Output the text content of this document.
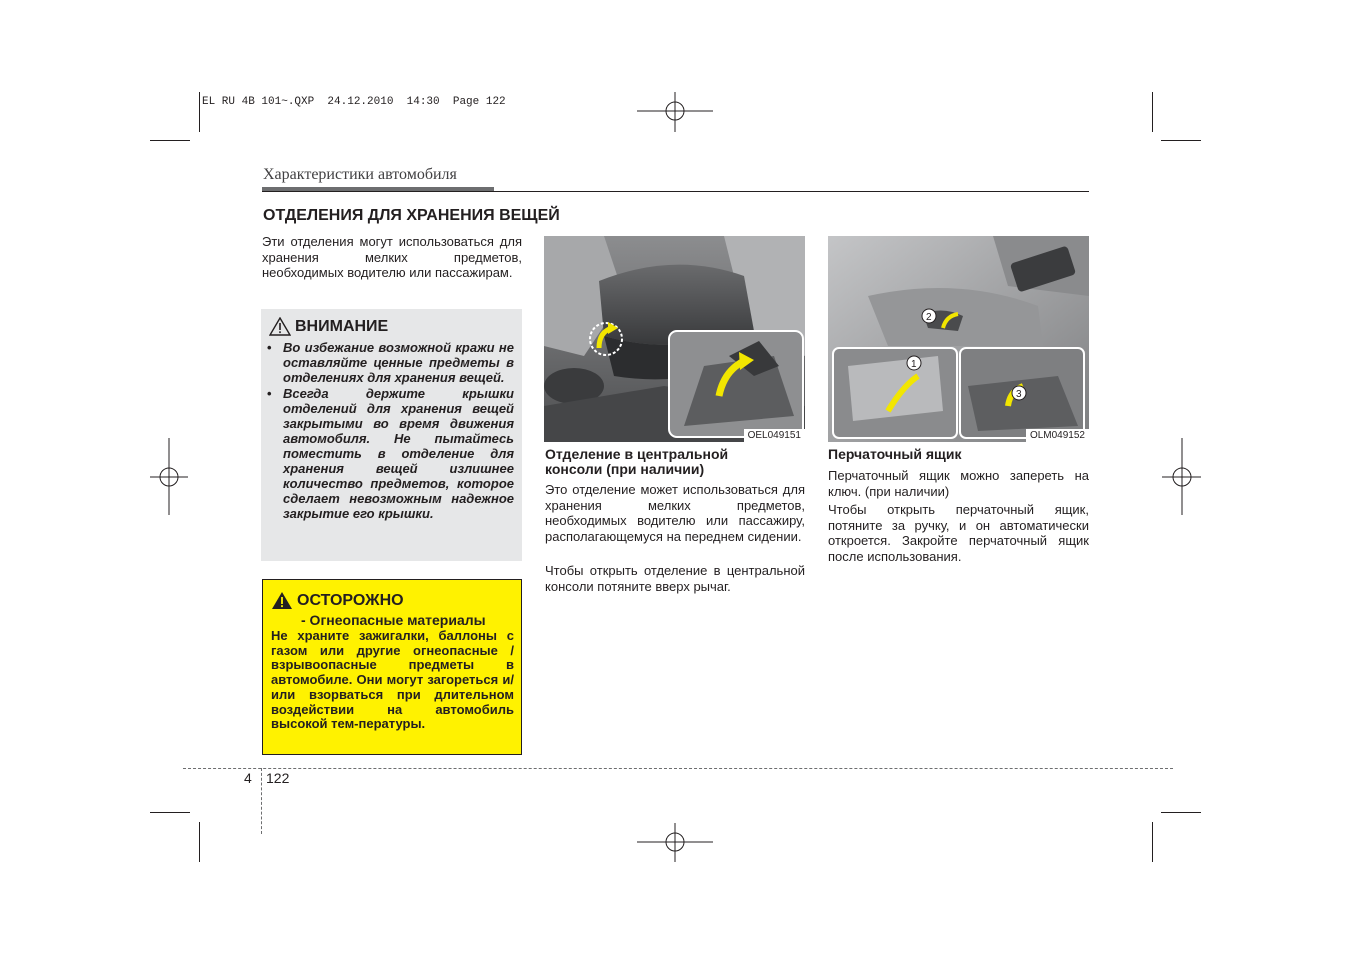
EL RU 4B 101~.QXP  24.12.2010  14:30  Page 122
Характеристики автомобиля
ОТДЕЛЕНИЯ ДЛЯ ХРАНЕНИЯ ВЕЩЕЙ
Эти отделения могут использоваться для хранения мелких предметов, необходимых водителю или пассажирам.
ВНИМАНИЕ
• Во избежание возможной кражи не оставляйте ценные предметы в отделениях для хранения вещей.
• Всегда держите крышки отделений для хранения вещей закрытыми во время движения автомобиля. Не пытайтесь поместить в отделение для хранения вещей излишнее количество предметов, которое сделает невозможным надежное закрытие его крышки.
ОСТОРОЖНО
- Огнеопасные материалы
Не храните зажигалки, баллоны с газом или другие огнеопасные / взрывоопасные предметы в автомобиле. Они могут загореться и/или взорваться при длительном воздействии на автомобиль высокой тем-пературы.
OEL049151
Отделение в центральной консоли (при наличии)
Это отделение может использоваться для хранения мелких предметов, необходимых водителю или пассажиру, располагающемуся на переднем сидении.
Чтобы открыть отделение в центральной консоли потяните вверх рычаг.
2
1
3
OLM049152
Перчаточный ящик
Перчаточный ящик можно запереть на ключ. (при наличии)
Чтобы открыть перчаточный ящик, потяните за ручку, и он автоматически откроется. Закройте перчаточный ящик после использования.
4 122
